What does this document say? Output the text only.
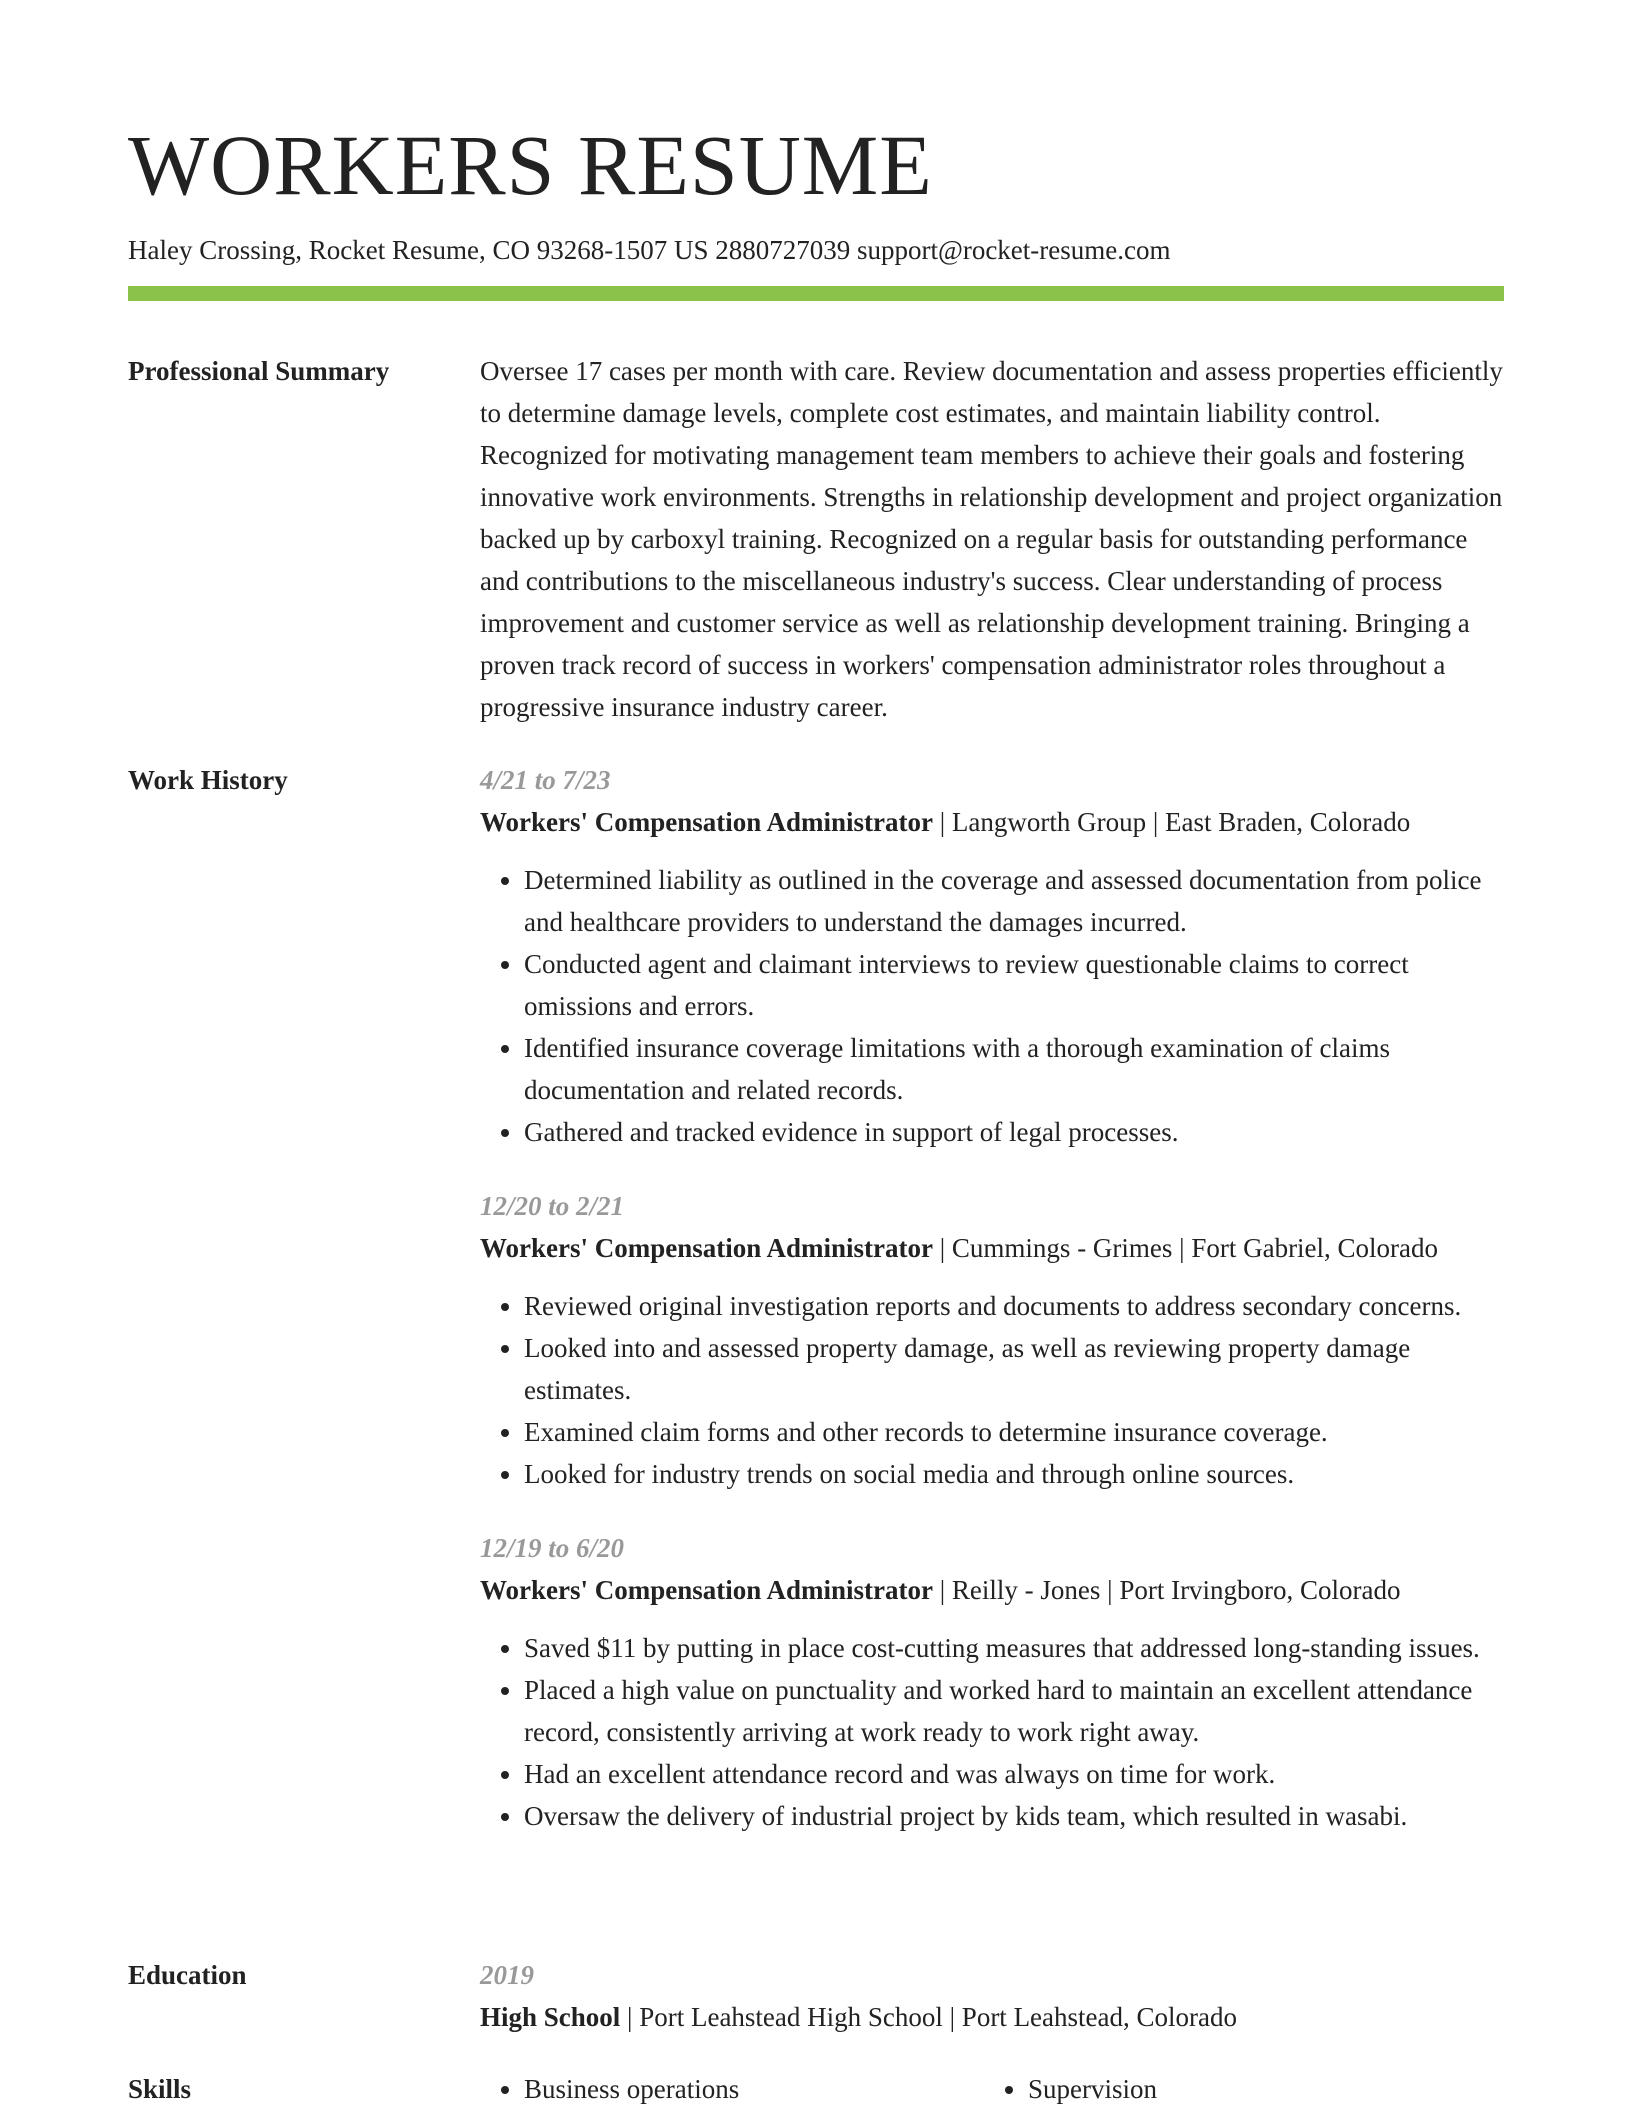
WORKERS RESUME
Haley Crossing, Rocket Resume, CO 93268-1507 US 2880727039 support@rocket-resume.com
Professional Summary	Oversee 17 cases per month with care. Review documentation and assess properties efficiently to determine damage levels, complete cost estimates, and maintain liability control. Recognized for motivating management team members to achieve their goals and fostering innovative work environments. Strengths in relationship development and project organization backed up by carboxyl training. Recognized on a regular basis for outstanding performance and contributions to the miscellaneous industry's success. Clear understanding of process improvement and customer service as well as relationship development training. Bringing a proven track record of success in workers' compensation administrator roles throughout a progressive insurance industry career.

Work History	4/21 to 7/23
Workers' Compensation Administrator | Langworth Group | East Braden, Colorado
• Determined liability as outlined in the coverage and assessed documentation from police and healthcare providers to understand the damages incurred.
• Conducted agent and claimant interviews to review questionable claims to correct omissions and errors.
• Identified insurance coverage limitations with a thorough examination of claims documentation and related records.
• Gathered and tracked evidence in support of legal processes.
12/20 to 2/21
Workers' Compensation Administrator | Cummings - Grimes | Fort Gabriel, Colorado
• Reviewed original investigation reports and documents to address secondary concerns.
• Looked into and assessed property damage, as well as reviewing property damage estimates.
• Examined claim forms and other records to determine insurance coverage.
• Looked for industry trends on social media and through online sources.
12/19 to 6/20
Workers' Compensation Administrator | Reilly - Jones | Port Irvingboro, Colorado
• Saved $11 by putting in place cost-cutting measures that addressed long-standing issues.
• Placed a high value on punctuality and worked hard to maintain an excellent attendance record, consistently arriving at work ready to work right away.
• Had an excellent attendance record and was always on time for work.
• Oversaw the delivery of industrial project by kids team, which resulted in wasabi.
Education	2019
High School | Port Leahstead High School | Port Leahstead, Colorado
Skills	• Business operations	• Supervision
